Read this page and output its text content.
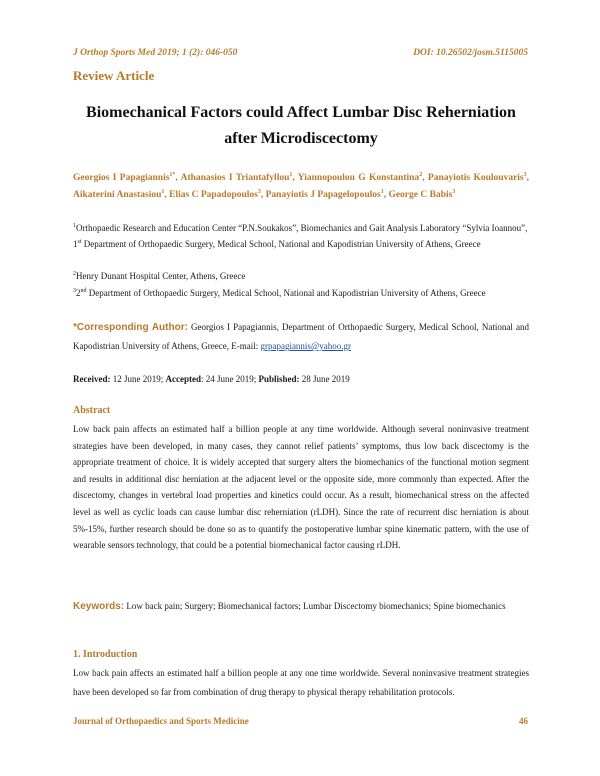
J Orthop Sports Med 2019; 1 (2): 046-050	DOI: 10.26502/josm.5115005
Review Article
Biomechanical Factors could Affect Lumbar Disc Reherniation after Microdiscectomy
Georgios I Papagiannis$^{1*}$, Athanasios I Triantafyllou$^1$, Yiannopoulou G Konstantina$^2$, Panayiotis Koulouvaris$^3$, Aikaterini Anastasiou$^1$, Elias C Papadopoulos$^3$, Panayiotis J Papagelopoulos$^1$, George C Babis$^3$
$^1$Orthopaedic Research and Education Center “P.N.Soukakos”, Biomechanics and Gait Analysis Laboratory “Sylvia Ioannou”, 1st Department of Orthopaedic Surgery, Medical School, National and Kapodistrian University of Athens, Greece
$^2$Henry Dunant Hospital Center, Athens, Greece
$^3$2nd Department of Orthopaedic Surgery, Medical School, National and Kapodistrian University of Athens, Greece
*Corresponding Author: Georgios I Papagiannis, Department of Orthopaedic Surgery, Medical School, National and Kapodistrian University of Athens, Greece, E-mail: grpapagiannis@yahoo.gr
Received: 12 June 2019; Accepted: 24 June 2019; Published: 28 June 2019
Abstract
Low back pain affects an estimated half a billion people at any time worldwide. Although several noninvasive treatment strategies have been developed, in many cases, they cannot relief patients’ symptoms, thus low back discectomy is the appropriate treatment of choice. It is widely accepted that surgery alters the biomechanics of the functional motion segment and results in additional disc herniation at the adjacent level or the opposite side, more commonly than expected. After the discectomy, changes in vertebral load properties and kinetics could occur. As a result, biomechanical stress on the affected level as well as cyclic loads can cause lumbar disc reherniation (rLDH). Since the rate of recurrent disc herniation is about 5%-15%, further research should be done so as to quantify the postoperative lumbar spine kinematic pattern, with the use of wearable sensors technology, that could be a potential biomechanical factor causing rLDH.
Keywords: Low back pain; Surgery; Biomechanical factors; Lumbar Discectomy biomechanics; Spine biomechanics
1. Introduction
Low back pain affects an estimated half a billion people at any one time worldwide. Several noninvasive treatment strategies have been developed so far from combination of drug therapy to physical therapy rehabilitation protocols.
Journal of Orthopaedics and Sports Medicine	46
